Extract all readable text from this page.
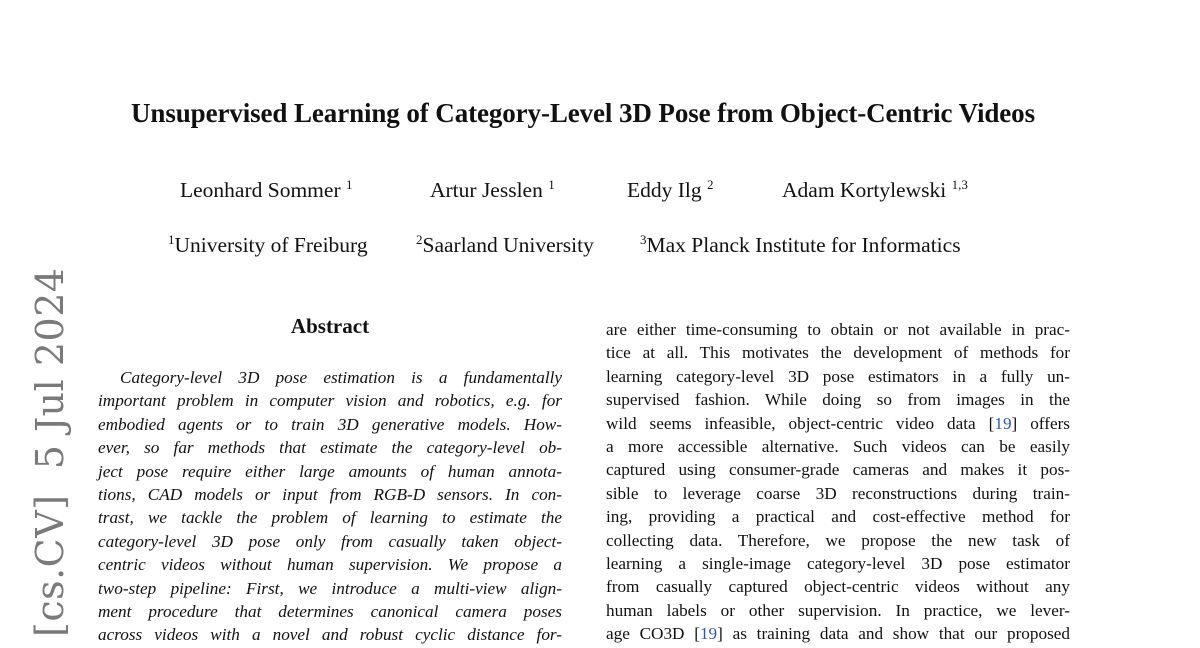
Unsupervised Learning of Category-Level 3D Pose from Object-Centric Videos
Leonhard Sommer $^1$	Artur Jesslen $^1$	Eddy Ilg $^2$	Adam Kortylewski $^{1,3}$
$^1$University of Freiburg	$^2$Saarland University	$^3$Max Planck Institute for Informatics
[cs.CV]  5 Jul 2024	Abstract
Category-level 3D pose estimation is a fundamentally
important problem in computer vision and robotics, e.g. for
embodied agents or to train 3D generative models. How-
ever, so far methods that estimate the category-level ob-
ject pose require either large amounts of human annota-
tions, CAD models or input from RGB-D sensors. In con-
trast, we tackle the problem of learning to estimate the
category-level 3D pose only from casually taken object-
centric videos without human supervision. We propose a
two-step pipeline: First, we introduce a multi-view align-
ment procedure that determines canonical camera poses
across videos with a novel and robust cyclic distance for-
are either time-consuming to obtain or not available in prac-
tice at all. This motivates the development of methods for
learning category-level 3D pose estimators in a fully un-
supervised fashion. While doing so from images in the
wild seems infeasible, object-centric video data [19] offers
a more accessible alternative. Such videos can be easily
captured using consumer-grade cameras and makes it pos-
sible to leverage coarse 3D reconstructions during train-
ing, providing a practical and cost-effective method for
collecting data. Therefore, we propose the new task of
learning a single-image category-level 3D pose estimator
from casually captured object-centric videos without any
human labels or other supervision. In practice, we lever-
age CO3D [19] as training data and show that our proposed
